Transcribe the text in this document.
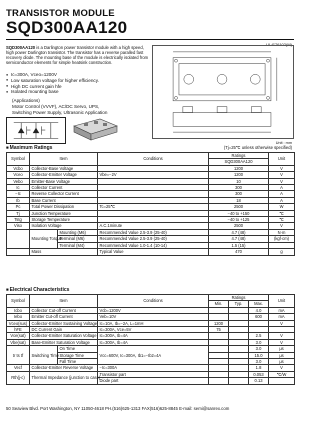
TRANSISTOR MODULE
SQD300AA120
UL:E76102(M)
SQD300AA120 is a Darlington power transistor module with a high speed, high power Darlington transistor. The transistor has a reverse paralled fast recovery diode. The mounting base of the module is electrically isolated from semiconductor elements for simple heatsink construction.
● Ic=300A, Vceo=1200V
● Low saturation voltage for higher efficiency.
● High DC current gain hfe
● Isolated mounting base
(Applications)
Motor Control (VVVF), AC/DC Servo, UPS,
Switching Power Supply, Ultrasonic Application
Unit : mm
■ Maximum Ratings	(Tj=25℃ unless otherwise specified)
Symbol	Item		Conditions	Ratings	Unit
				SQD300AA120	
Vcbo	Collector-Base Voltage			1200	V
Vceo	Collector-Emitter Voltage		Vbe=−2V	1200	V
Vebo	Emitter-Base Voltage			10	V
Ic	Collector Current			300	A
−Ic	Reverse Collector Current			300	A
Ib	Base Current			18	A
Pc	Total Power Dissipation		Tc=25℃	2500	W
Tj	Junction Temperature			−40 to +150	℃
Tstg	Storage Temperature			−40 to +125	℃
Viso	Isolation Voltage		A.C.1minute	2500	V
	Mounting Torque	Mounting (M6)	Recommended Value 2.5-3.9 (25-40)	4.7 (48)	N·m
		Terminal (M6)	Recommended Value 2.5-3.9 (25-40)	4.7 (48)	(kgf·cm)
		Terminal (M4)	Recommended Value 1.0-1.4 (10-14)	1.5 (15)	
	Mass		Typical Value	470	g
■ Electrical Characteristics
Symbol	Item		Conditions	Ratings			Unit
				Min.	Typ.	Max.	
Icbo	Collector Cut-off Current		Vcb=1200V			4.0	mA
Iebo	Emitter Cut-off Current		Veb=10V			600	mA
Vceo(sus)	Collector-Emitter Sustaining Voltage		Ic=10A, Ib=−2A, L=1mH	1200			V
hFE	DC Current Gain		Ic=300A, Vce=5V	75			
Vce(sat)	Collector-Emitter Saturation Voltage		Ic=300A, Ib=4A			2.5	V
Vbe(sat)	Base-Emitter Saturation Voltage		Ic=300A, Ib=4A			3.0	V
tr ts tf	Switching Time	On Time	Vcc=600V, Ic=300A, Ib1=−Ib2=4A			3.0	μs
		Storage Time				15.0	μs
		Fall Time				3.0	μs
Vecf	Collector-Emitter Reverse Voltage		−Ic=300A			1.8	V
Rth(j-c)	Thermal Impedance (junction to case)		Transistor part			0.053	℃/W
			Diode part			0.13	
50 Seaview Blvd. Port Washington, NY 11050-4618 PH.(516)625-1313 FAX(516)625-8845 E-mail: semi@sanrex.com
